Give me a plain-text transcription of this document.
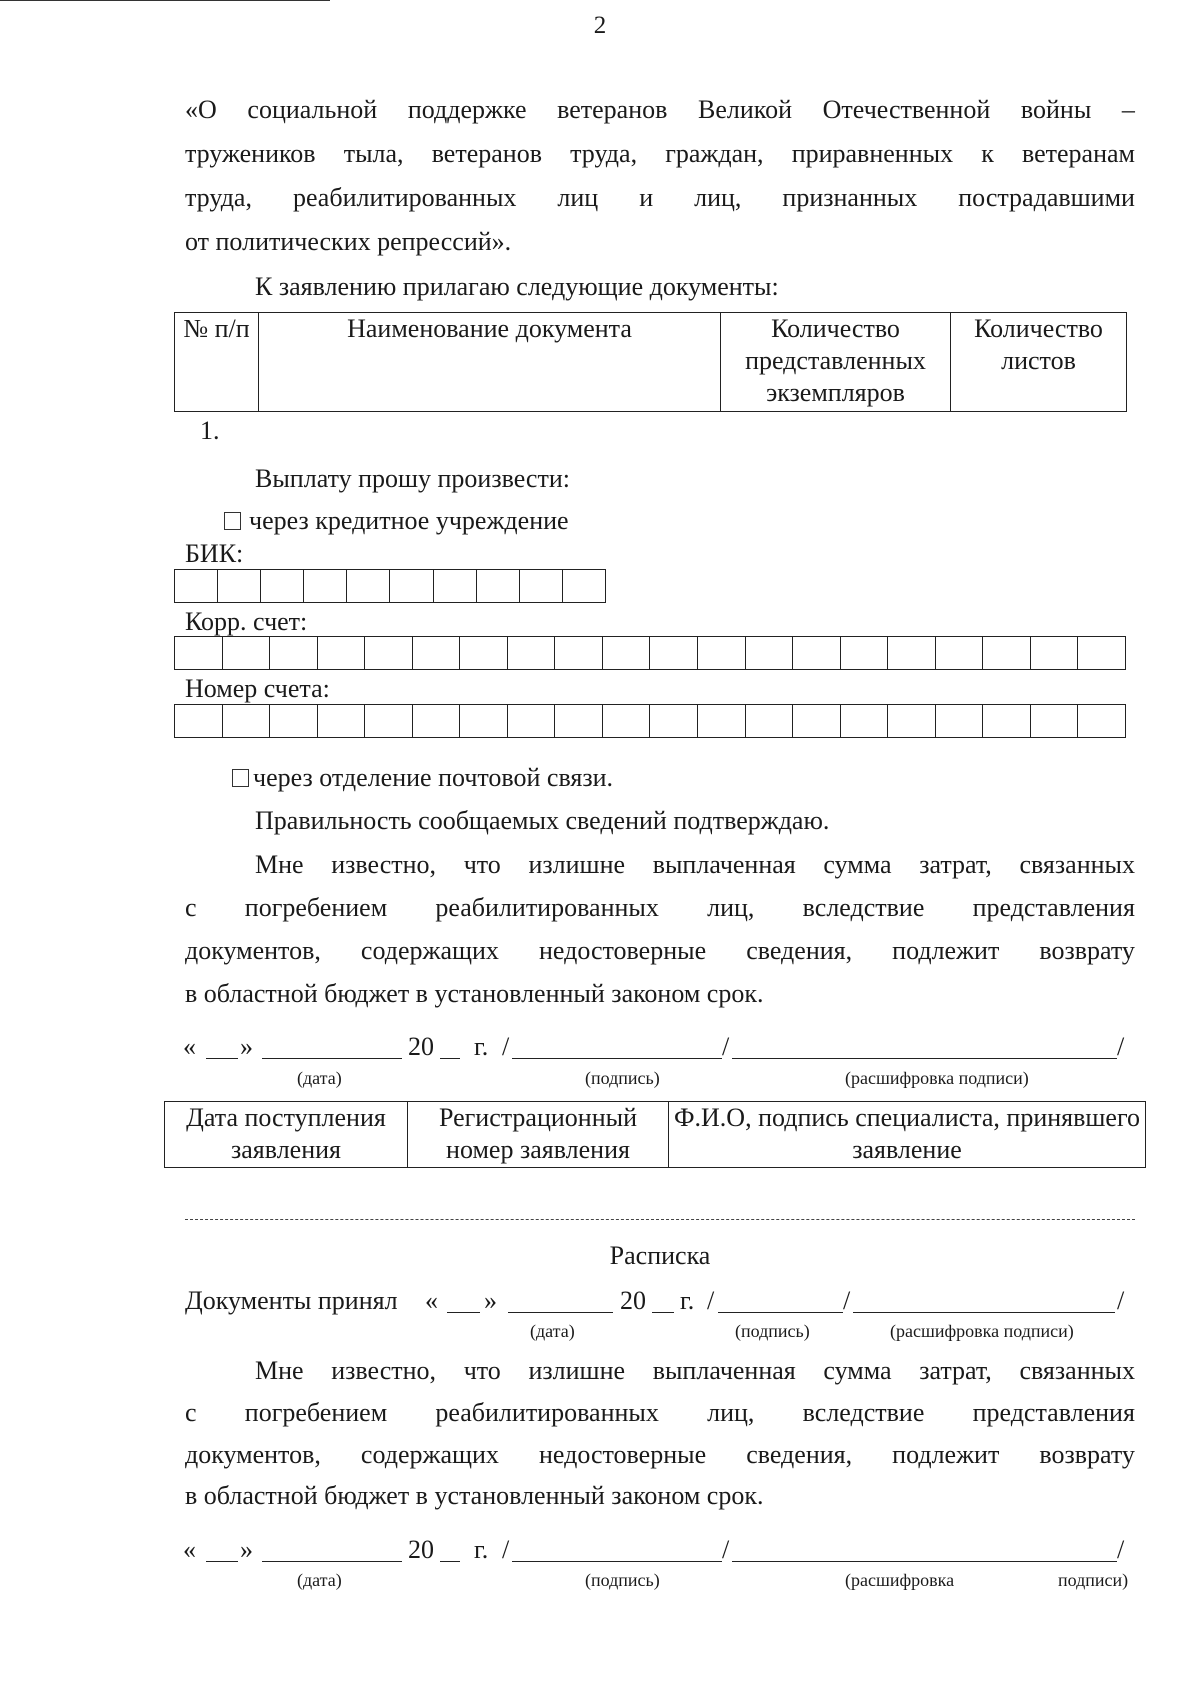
2
«О социальной поддержке ветеранов Великой Отечественной войны –
тружеников тыла, ветеранов труда, граждан, приравненных к ветеранам
труда, реабилитированных лиц и лиц, признанных пострадавшими
от политических репрессий».
К заявлению прилагаю следующие документы:
№ п/п	Наименование документа	Количество представленных экземпляров	Количество листов
1.
Выплату прошу произвести:
через кредитное учреждение
БИК:

Корр. счет:

Номер счета:

через отделение почтовой связи.
Правильность сообщаемых сведений подтверждаю.
Мне известно, что излишне выплаченная сумма затрат, связанных
с погребением реабилитированных лиц, вследствие представления
документов, содержащих недостоверные сведения, подлежит возврату
в областной бюджет в установленный законом срок.
« »	20 г. /	/	/
(дата)	(подпись)	(расшифровка подписи)
Дата поступления заявления	Регистрационный номер заявления	Ф.И.О, подпись специалиста, принявшего заявление
Расписка
Документы принял « »	20 г. /	/	/
(дата)	(подпись)	(расшифровка подписи)
Мне известно, что излишне выплаченная сумма затрат, связанных
с погребением реабилитированных лиц, вследствие представления
документов, содержащих недостоверные сведения, подлежит возврату
в областной бюджет в установленный законом срок.
« »	20 г. /	/	/
(дата)	(подпись)	(расшифровка	подписи)
